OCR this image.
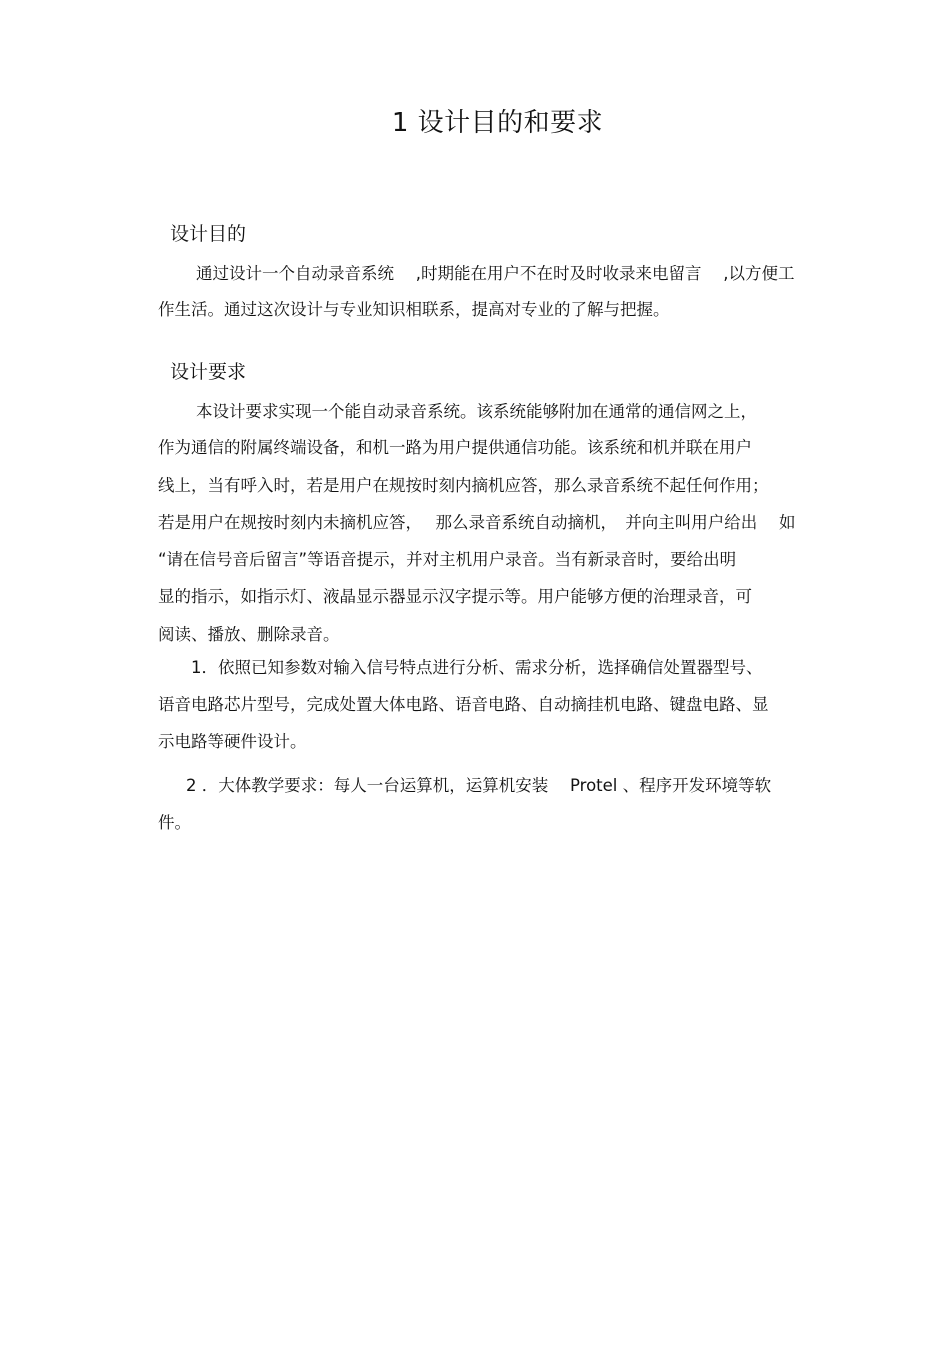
1 设计目的和要求
设计目的
通过设计一个自动录音系统　 ,时期能在用户不在时及时收录来电留言　 ,以方便工
作生活。通过这次设计与专业知识相联系，提高对专业的了解与把握。
设计要求
本设计要求实现一个能自动录音系统。该系统能够附加在通常的通信网之上，
作为通信的附属终端设备，和机一路为用户提供通信功能。该系统和机并联在用户
线上，当有呼入时，若是用户在规按时刻内摘机应答，那么录音系统不起任何作用；
若是用户在规按时刻内未摘机应答，　 那么录音系统自动摘机，　并向主叫用户给出　 如
“请在信号音后留言”等语音提示，并对主机用户录音。当有新录音时，要给出明
显的指示，如指示灯、液晶显示器显示汉字提示等。用户能够方便的治理录音，可
阅读、播放、删除录音。
1．依照已知参数对输入信号特点进行分析、需求分析，选择确信处置器型号、
语音电路芯片型号，完成处置大体电路、语音电路、自动摘挂机电路、键盘电路、显
示电路等硬件设计。
2 ．大体教学要求：每人一台运算机，运算机安装　 Protel 、程序开发环境等软
件。
